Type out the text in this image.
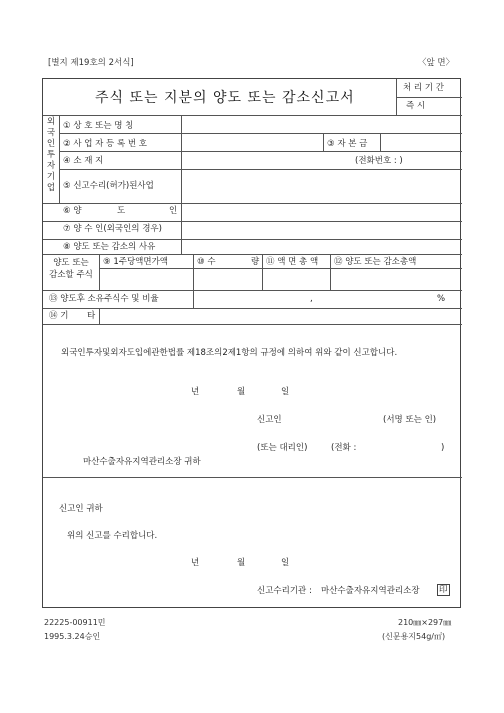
[별지 제19호의 2서식]	〈앞 면〉
주식 또는 지분의 양도 또는 감소신고서
처 리 기 간
즉 시
외
국
인
투
자
기
업
① 상 호 또는 명 칭
② 사 업 자 등 록 번 호	③ 자 본 금
④ 소 재 지	(전화번호 : )
⑤ 신고수리(허가)된사업
⑥ 양	도	인
⑦ 양 수 인(외국인의 경우)
⑧ 양도 또는 감소의 사유
양도 또는 감소할 주식
⑨ 1주당액면가액	⑩ 수	량 ⑪ 액 면 총 액 ⑫ 양도 또는 감소총액
⑬ 양도후 소유주식수 및 비율	,	%
⑭ 기 타
외국인투자및외자도입에관한법률 제18조의2제1항의 규정에 의하여 위와 같이 신고합니다.
년	월	일
신고인	(서명 또는 인)
(또는 대리인)	(전화 :	)
마산수출자유지역관리소장 귀하
신고인 귀하
위의 신고를 수리합니다.
년	월	일
신고수리기관 : 마산수출자유지역관리소장 印
22225-00911민
1995.3.24승인
210㎜×297㎜
(신문용지54g/㎡)
